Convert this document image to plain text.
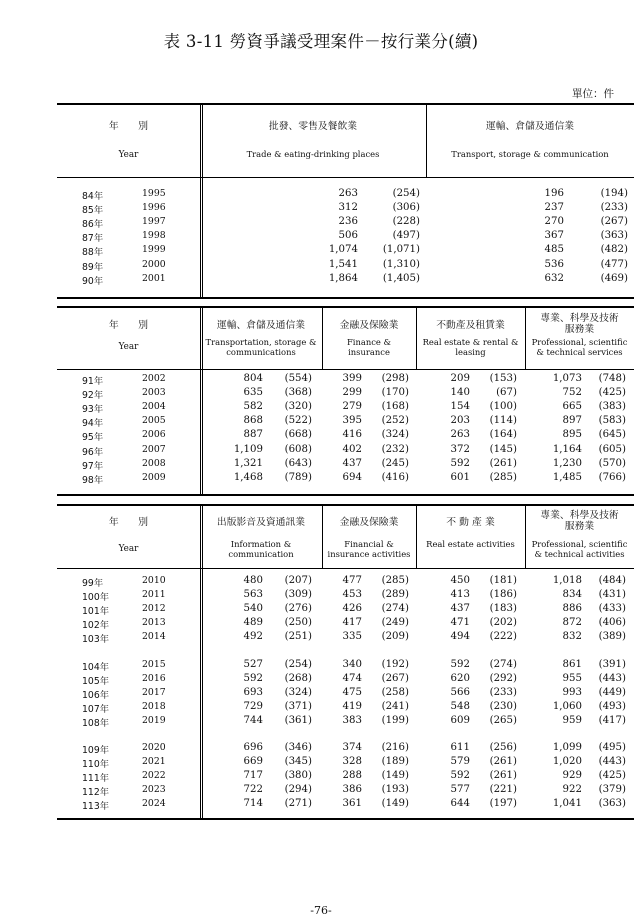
表 3-11 勞資爭議受理案件－按行業分(續)
單位：件
年　　別
Year
批發、零售及餐飲業
Trade & eating-drinking places
運輸、倉儲及通信業
Transport, storage & communication
84年	1995	263	(254)	196	(194)
85年	1996	312	(306)	237	(233)
86年	1997	236	(228)	270	(267)
87年	1998	506	(497)	367	(363)
88年	1999	1,074	(1,071)	485	(482)
89年	2000	1,541	(1,310)	536	(477)
90年	2001	1,864	(1,405)	632	(469)
年　　別
Year
運輸、倉儲及通信業
Transportation, storage & communications
金融及保險業
Finance & insurance
不動產及租賃業
Real estate & rental & leasing
專業、科學及技術服務業
Professional, scientific & technical services
91年	2002	804	(554)	399	(298)	209	(153)	1,073	(748)
92年	2003	635	(368)	299	(170)	140	(67)	752	(425)
93年	2004	582	(320)	279	(168)	154	(100)	665	(383)
94年	2005	868	(522)	395	(252)	203	(114)	897	(583)
95年	2006	887	(668)	416	(324)	263	(164)	895	(645)
96年	2007	1,109	(608)	402	(232)	372	(145)	1,164	(605)
97年	2008	1,321	(643)	437	(245)	592	(261)	1,230	(570)
98年	2009	1,468	(789)	694	(416)	601	(285)	1,485	(766)
年　　別
Year
出版影音及資通訊業
Information & communication
金融及保險業
Financial & insurance activities
不 動 產 業
Real estate activities
專業、科學及技術服務業
Professional, scientific & technical activities
99年	2010	480	(207)	477	(285)	450	(181)	1,018	(484)
100年	2011	563	(309)	453	(289)	413	(186)	834	(431)
101年	2012	540	(276)	426	(274)	437	(183)	886	(433)
102年	2013	489	(250)	417	(249)	471	(202)	872	(406)
103年	2014	492	(251)	335	(209)	494	(222)	832	(389)
104年	2015	527	(254)	340	(192)	592	(274)	861	(391)
105年	2016	592	(268)	474	(267)	620	(292)	955	(443)
106年	2017	693	(324)	475	(258)	566	(233)	993	(449)
107年	2018	729	(371)	419	(241)	548	(230)	1,060	(493)
108年	2019	744	(361)	383	(199)	609	(265)	959	(417)
109年	2020	696	(346)	374	(216)	611	(256)	1,099	(495)
110年	2021	669	(345)	328	(189)	579	(261)	1,020	(443)
111年	2022	717	(380)	288	(149)	592	(261)	929	(425)
112年	2023	722	(294)	386	(193)	577	(221)	922	(379)
113年	2024	714	(271)	361	(149)	644	(197)	1,041	(363)
-76-
